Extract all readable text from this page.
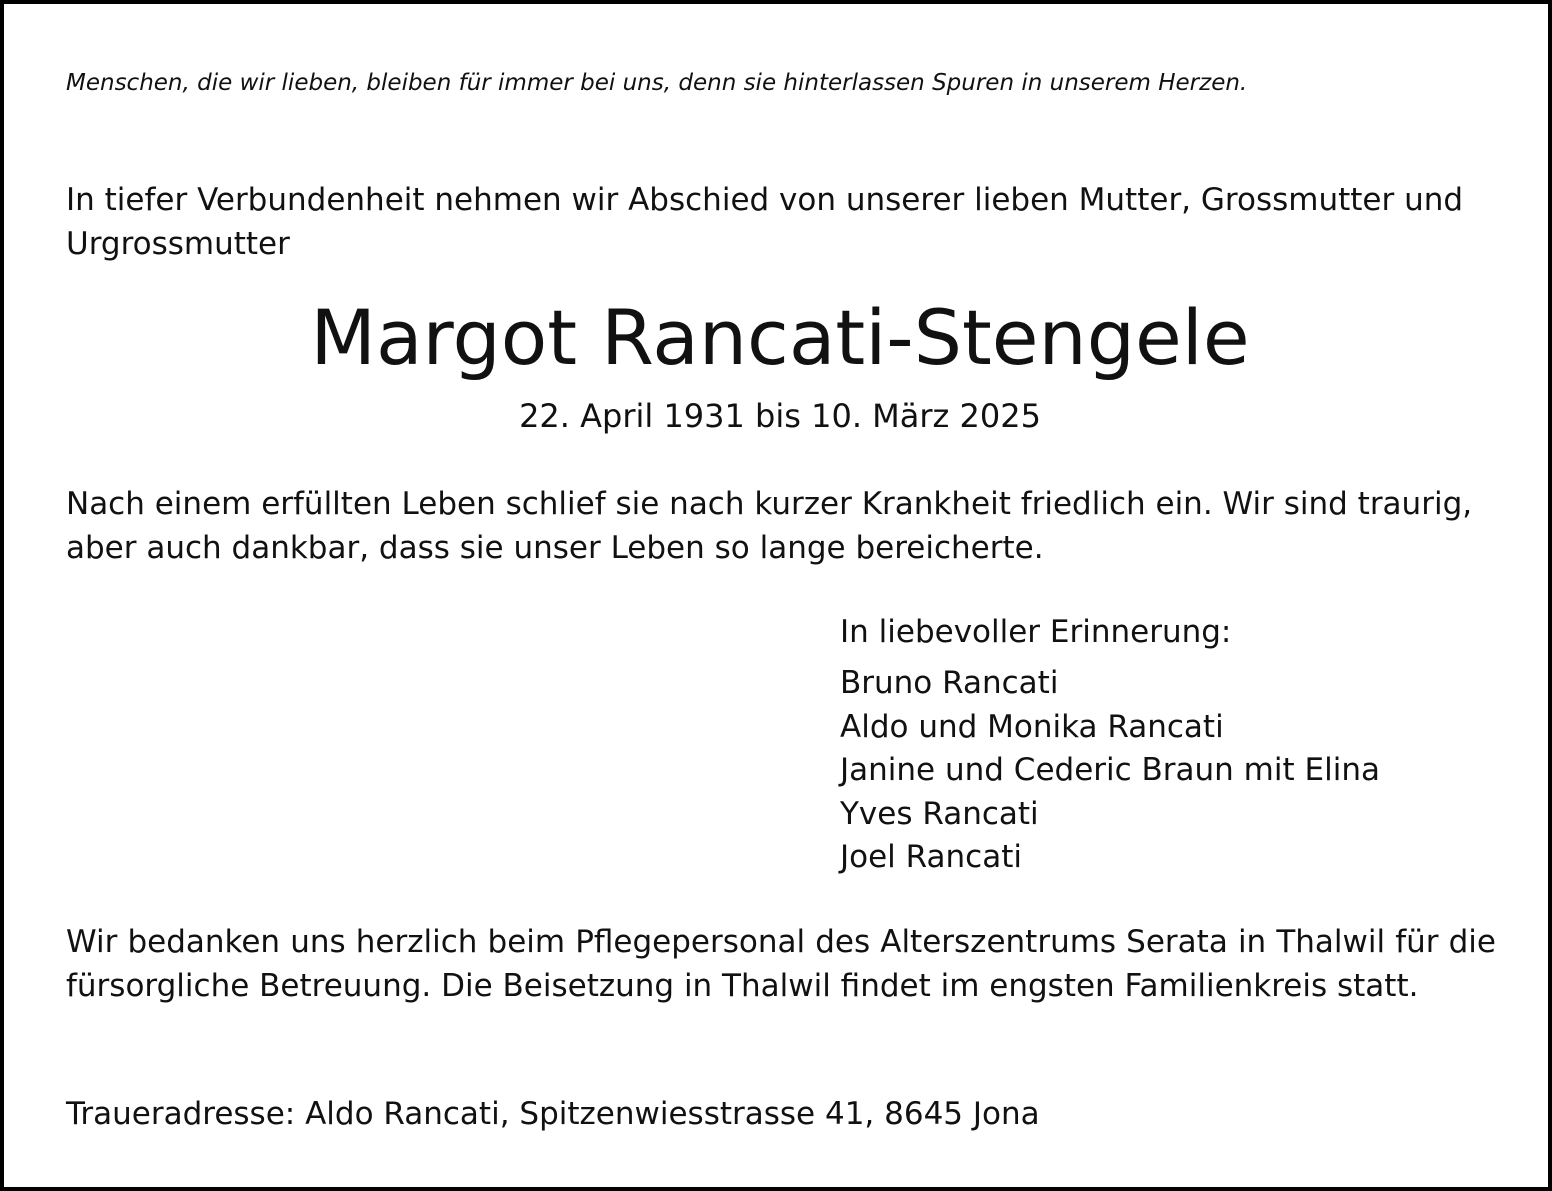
Menschen, die wir lieben, bleiben für immer bei uns, denn sie hinterlassen Spuren in unserem Herzen.
In tiefer Verbundenheit nehmen wir Abschied von unserer lieben Mutter, Grossmutter und Urgrossmutter
Margot Rancati-Stengele
22. April 1931 bis 10. März 2025
Nach einem erfüllten Leben schlief sie nach kurzer Krankheit friedlich ein. Wir sind traurig, aber auch dankbar, dass sie unser Leben so lange bereicherte.
In liebevoller Erinnerung:
Bruno Rancati
Aldo und Monika Rancati
Janine und Cederic Braun mit Elina
Yves Rancati
Joel Rancati
Wir bedanken uns herzlich beim Pflegepersonal des Alterszentrums Serata in Thalwil für die fürsorgliche Betreuung. Die Beisetzung in Thalwil findet im engsten Familienkreis statt.
Traueradresse: Aldo Rancati, Spitzenwiesstrasse 41, 8645 Jona
